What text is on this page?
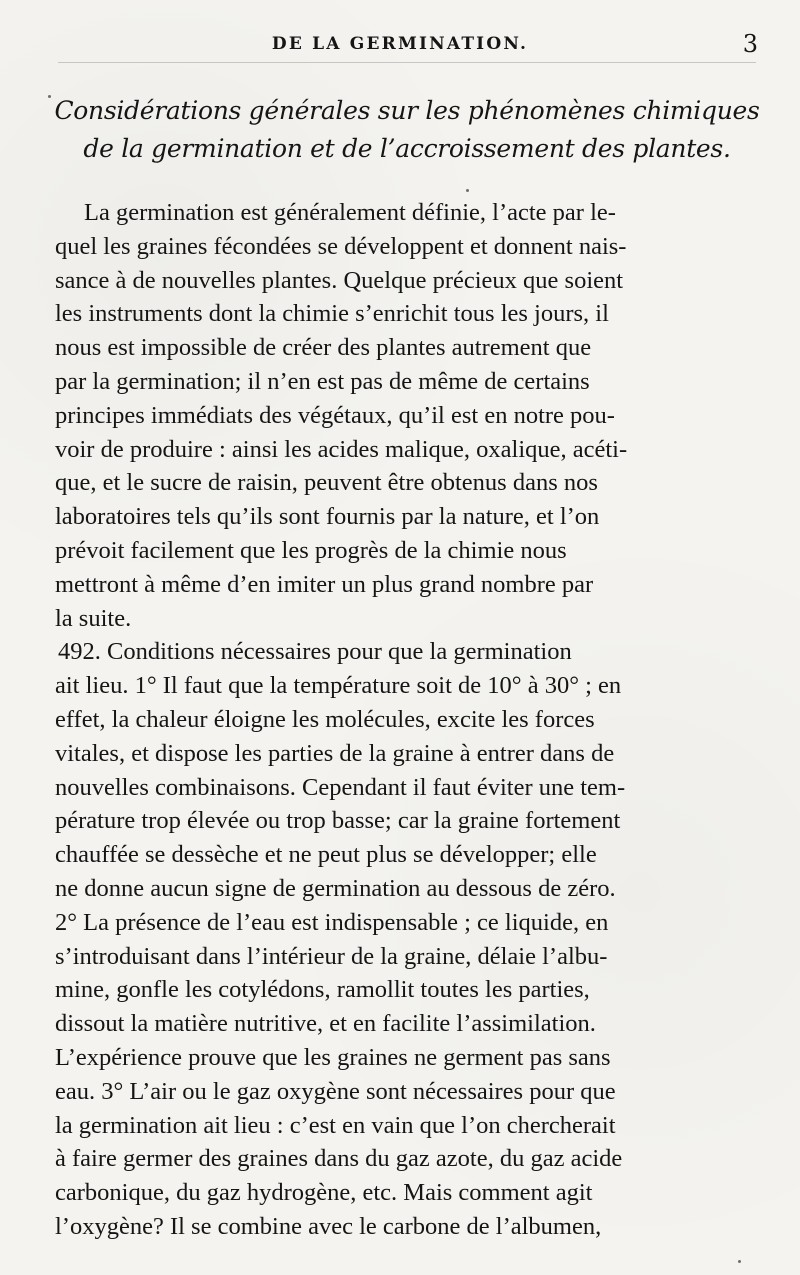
DE LA GERMINATION.	3
Considérations générales sur les phénomènes chimiques
de la germination et de l’accroissement des plantes.
La germination est généralement définie, l’acte par le-
quel les graines fécondées se développent et donnent nais-
sance à de nouvelles plantes. Quelque précieux que soient
les instruments dont la chimie s’enrichit tous les jours, il
nous est impossible de créer des plantes autrement que
par la germination; il n’en est pas de même de certains
principes immédiats des végétaux, qu’il est en notre pou-
voir de produire : ainsi les acides malique, oxalique, acéti-
que, et le sucre de raisin, peuvent être obtenus dans nos
laboratoires tels qu’ils sont fournis par la nature, et l’on
prévoit facilement que les progrès de la chimie nous
mettront à même d’en imiter un plus grand nombre par
la suite.
492. Conditions nécessaires pour que la germination
ait lieu. 1° Il faut que la température soit de 10° à 30° ; en
effet, la chaleur éloigne les molécules, excite les forces
vitales, et dispose les parties de la graine à entrer dans de
nouvelles combinaisons. Cependant il faut éviter une tem-
pérature trop élevée ou trop basse; car la graine fortement
chauffée se dessèche et ne peut plus se développer; elle
ne donne aucun signe de germination au dessous de zéro.
2° La présence de l’eau est indispensable ; ce liquide, en
s’introduisant dans l’intérieur de la graine, délaie l’albu-
mine, gonfle les cotylédons, ramollit toutes les parties,
dissout la matière nutritive, et en facilite l’assimilation.
L’expérience prouve que les graines ne germent pas sans
eau. 3° L’air ou le gaz oxygène sont nécessaires pour que
la germination ait lieu : c’est en vain que l’on chercherait
à faire germer des graines dans du gaz azote, du gaz acide
carbonique, du gaz hydrogène, etc. Mais comment agit
l’oxygène? Il se combine avec le carbone de l’albumen,
